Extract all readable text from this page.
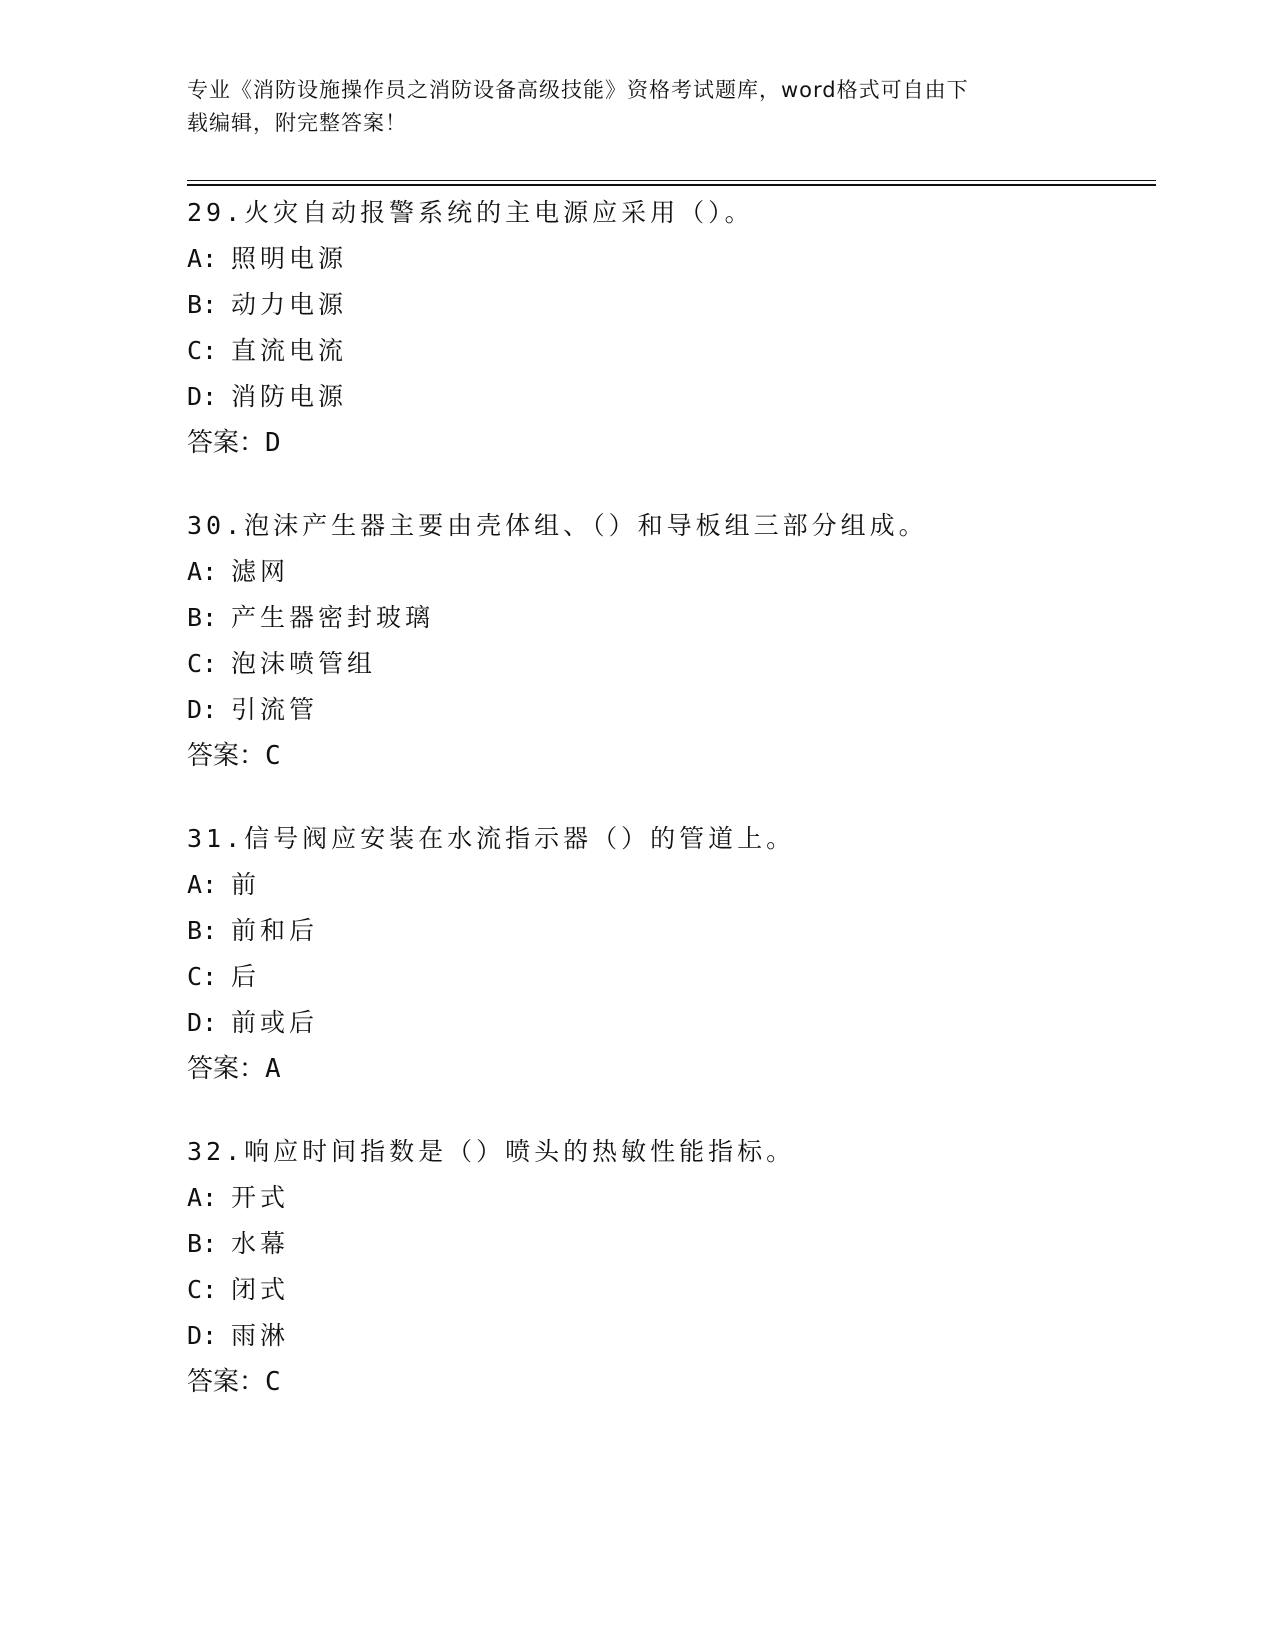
专业《消防设施操作员之消防设备高级技能》资格考试题库，word格式可自由下
载编辑，附完整答案！
29.火灾自动报警系统的主电源应采用（）。
A: 照明电源
B: 动力电源
C: 直流电流
D: 消防电源
答案：D
30.泡沫产生器主要由壳体组、（）和导板组三部分组成。
A: 滤网
B: 产生器密封玻璃
C: 泡沫喷管组
D: 引流管
答案：C
31.信号阀应安装在水流指示器（）的管道上。
A: 前
B: 前和后
C: 后
D: 前或后
答案：A
32.响应时间指数是（）喷头的热敏性能指标。
A: 开式
B: 水幕
C: 闭式
D: 雨淋
答案：C
